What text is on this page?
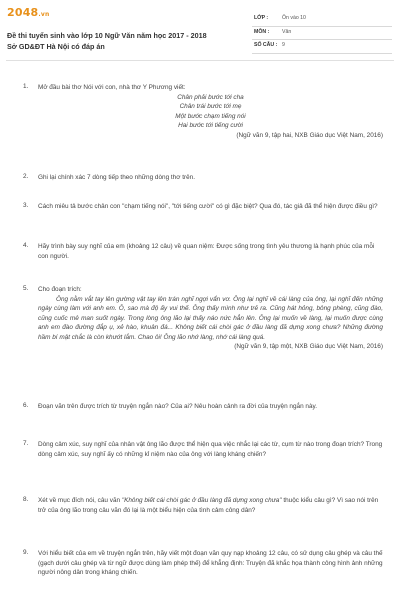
2048.vn
Đề thi tuyển sinh vào lớp 10 Ngữ Văn năm học 2017 - 2018
Sở GD&ĐT Hà Nội có đáp án
LỚP :	Ôn vào 10
MÔN : Văn
SỐ CÂU : 9
1. Mở đầu bài thơ Nói với con, nhà thơ Y Phương viết:

Chân phải bước tới cha

Chân trái bước tới mẹ

Một bước chạm tiếng nói

Hai bước tới tiếng cười

(Ngữ văn 9, tập hai, NXB Giáo dục Việt Nam, 2016)

2. Ghi lại chính xác 7 dòng tiếp theo những dòng thơ trên.
3. Cách miêu tả bước chân con "chạm tiếng nói", "tới tiếng cười" có gì đặc biệt? Qua đó, tác giả đã thể hiện được điều gì?
4. Hãy trình bày suy nghĩ của em (khoảng 12 câu) về quan niệm: Được sống trong tình yêu thương là hạnh phúc của mỗi con người.
5. Cho đoạn trích:

Ông nằm vắt tay lên gường vật tay lên trán nghĩ ngợi vẩn vơ. Ông lại nghĩ về cái làng của ông, lại nghĩ đến những ngày cùng làm với anh em. Ô, sao mà độ ấy vui thế. Ông thấy mình như trẻ ra. Cũng hát hỏng, bông phèng, cũng đào, cũng cuốc mê man suốt ngày. Trong lòng ông lão lại thấy náo nức hẳn lên. Ông lại muốn về làng, lại muốn được cùng anh em đào đường đắp ụ, xẻ hào, khuân đá... Không biết cái chòi gác ở đầu làng đã dựng xong chưa? Những đường hầm bí mật chắc là còn khướt lắm. Chao ôi! Ông lão nhớ làng, nhớ cái làng quá.

(Ngữ văn 9, tập một, NXB Giáo dục Việt Nam, 2016)

6. Đoạn văn trên được trích từ truyện ngắn nào? Của ai? Nêu hoàn cảnh ra đời của truyện ngắn này.
7. Dòng cảm xúc, suy nghĩ của nhân vật ông lão được thể hiện qua việc nhắc lại các từ, cụm từ nào trong đoạn trích? Trong dòng cảm xúc, suy nghĩ ấy có những kỉ niệm nào của ông với làng kháng chiến?
8. Xét về mục đích nói, câu văn "Không biết cái chòi gác ở đầu làng đã dựng xong chưa" thuộc kiểu câu gì? Vì sao nói trên trở của ông lão trong câu văn đó lại là một biểu hiện của tình cảm công dân?
9. Với hiểu biết của em về truyện ngắn trên, hãy viết một đoạn văn quy nạp khoảng 12 câu, có sử dụng câu ghép và câu thế (gạch dưới câu ghép và từ ngữ được dùng làm phép thế) để khẳng định: Truyện đã khắc họa thành công hình ảnh những người nông dân trong kháng chiến.
